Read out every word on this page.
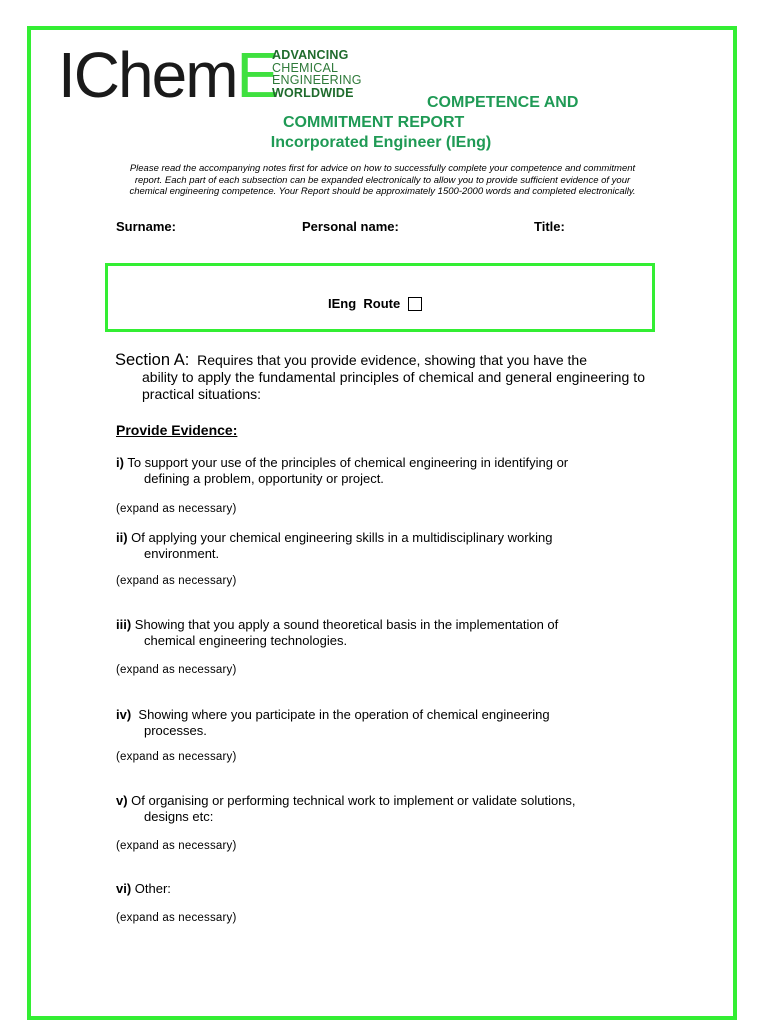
IChemE
ADVANCING
CHEMICAL
ENGINEERING
WORLDWIDE
COMPETENCE AND
COMMITMENT REPORT
Incorporated Engineer (IEng)
Please read the accompanying notes first for advice on how to successfully complete your competence and commitment report. Each part of each subsection can be expanded electronically to allow you to provide sufficient evidence of your chemical engineering competence. Your Report should be approximately 1500-2000 words and completed electronically.
Surname:	Personal name:	Title:
IEng  Route
Section A: Requires that you provide evidence, showing that you have the
ability to apply the fundamental principles of chemical and general engineering to practical situations:
Provide Evidence:
i) To support your use of the principles of chemical engineering in identifying or
defining a problem, opportunity or project.
(expand as necessary)
ii) Of applying your chemical engineering skills in a multidisciplinary working
environment.
(expand as necessary)
iii) Showing that you apply a sound theoretical basis in the implementation of
chemical engineering technologies.
(expand as necessary)
iv)  Showing where you participate in the operation of chemical engineering
processes.
(expand as necessary)
v) Of organising or performing technical work to implement or validate solutions,
designs etc:
(expand as necessary)
vi) Other:
(expand as necessary)
